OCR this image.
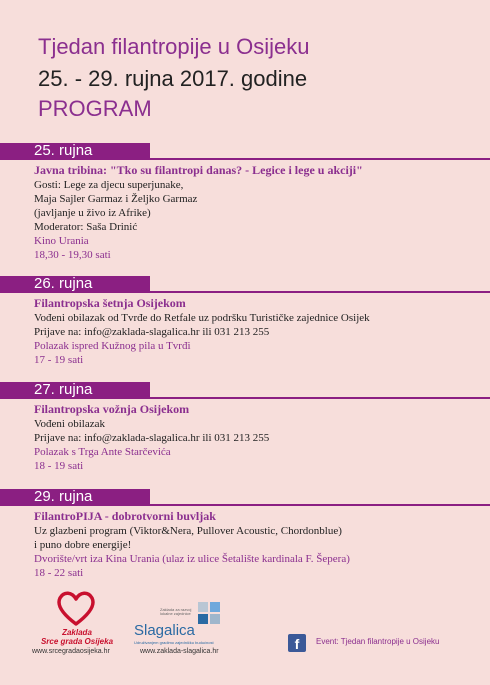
Tjedan filantropije u Osijeku
25. - 29. rujna 2017. godine
PROGRAM
25. rujna
Javna tribina: "Tko su filantropi danas? - Legice i lege u akciji"
Gosti: Lege za djecu superjunake,
Maja Sajler Garmaz i Željko Garmaz
(javljanje u živo iz Afrike)
Moderator: Saša Drinić
Kino Urania
18,30 - 19,30 sati
26. rujna
Filantropska šetnja Osijekom
Vođeni obilazak od Tvrđe do Retfale uz podršku Turističke zajednice Osijek
Prijave na: info@zaklada-slagalica.hr ili 031 213 255
Polazak ispred Kužnog pila u Tvrđi
17 - 19 sati
27. rujna
Filantropska vožnja Osijekom
Vođeni obilazak
Prijave na: info@zaklada-slagalica.hr ili 031 213 255
Polazak s Trga Ante Starčevića
18 - 19 sati
29. rujna
FilantroPIJA - dobrotvorni buvljak
Uz glazbeni program (Viktor&Nera, Pullover Acoustic, Chordonblue)
i puno dobre energije!
Dvorište/vrt iza Kina Urania (ulaz iz ulice Šetalište kardinala F. Šepera)
18 - 22 sati
Zaklada
Srce grada Osijeka
www.srcegradaosijeka.hr
Zaklada za razvoj lokalne zajednice
Slagalica
Udruživanjem gradimo zajedničku budućnost
www.zaklada-slagalica.hr	f	Event: Tjedan filantropije u Osijeku
